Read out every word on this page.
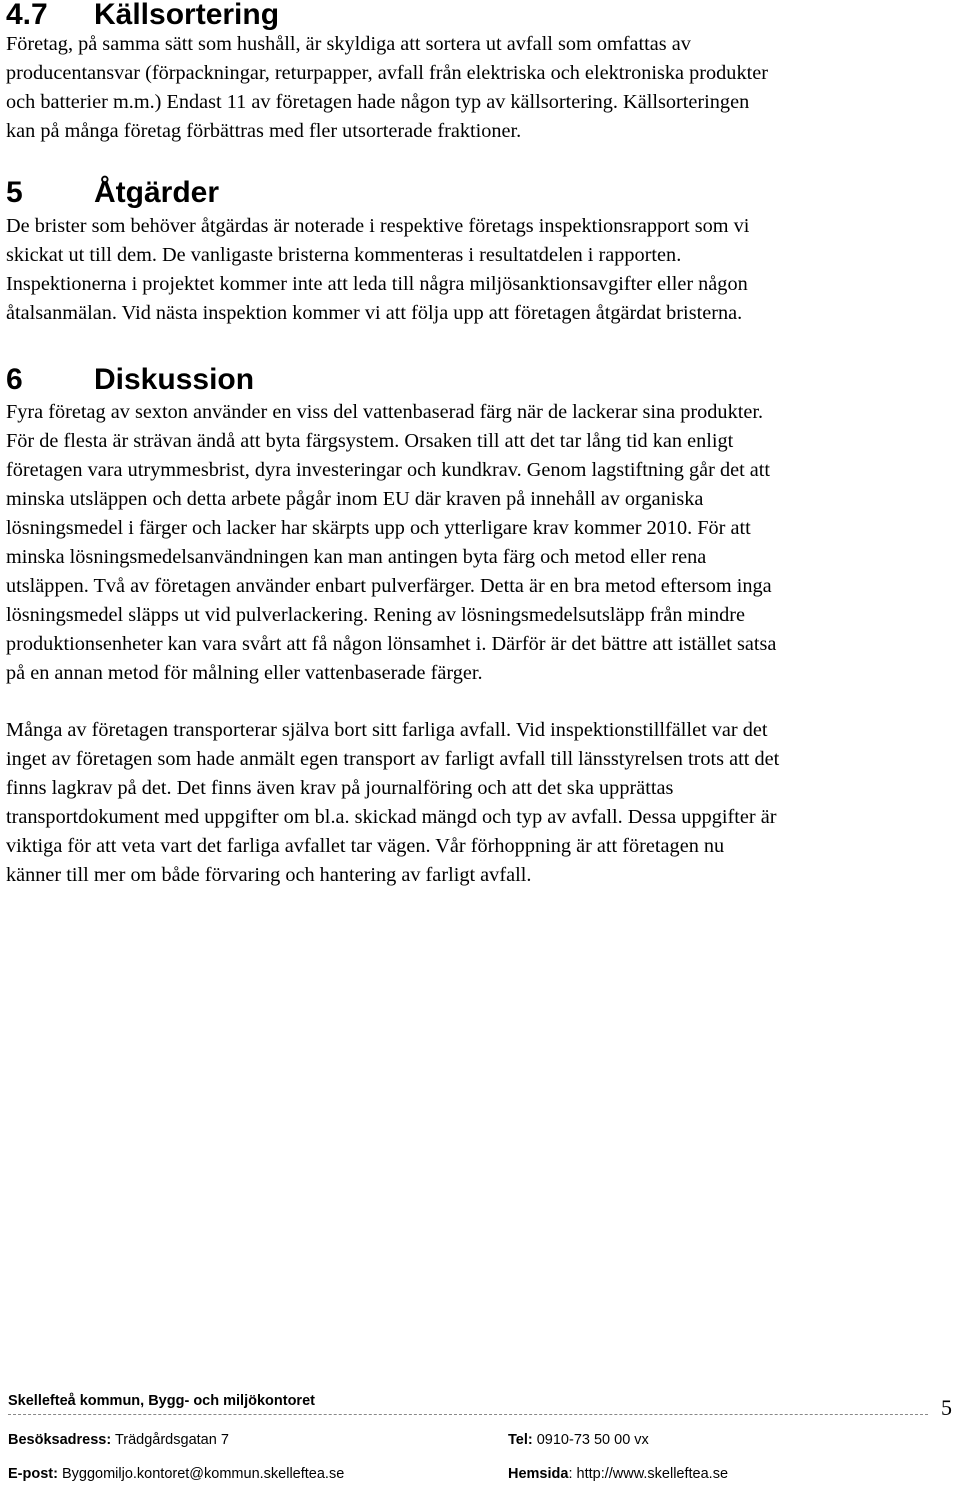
4.7 Källsortering
Företag, på samma sätt som hushåll, är skyldiga att sortera ut avfall som omfattas av
producentansvar (förpackningar, returpapper, avfall från elektriska och elektroniska produkter
och batterier m.m.) Endast 11 av företagen hade någon typ av källsortering. Källsorteringen
kan på många företag förbättras med fler utsorterade fraktioner.
5 Åtgärder
De brister som behöver åtgärdas är noterade i respektive företags inspektionsrapport som vi
skickat ut till dem. De vanligaste bristerna kommenteras i resultatdelen i rapporten.
Inspektionerna i projektet kommer inte att leda till några miljösanktionsavgifter eller någon
åtalsanmälan. Vid nästa inspektion kommer vi att följa upp att företagen åtgärdat bristerna.
6 Diskussion
Fyra företag av sexton använder en viss del vattenbaserad färg när de lackerar sina produkter.
För de flesta är strävan ändå att byta färgsystem. Orsaken till att det tar lång tid kan enligt
företagen vara utrymmesbrist, dyra investeringar och kundkrav. Genom lagstiftning går det att
minska utsläppen och detta arbete pågår inom EU där kraven på innehåll av organiska
lösningsmedel i färger och lacker har skärpts upp och ytterligare krav kommer 2010. För att
minska lösningsmedelsanvändningen kan man antingen byta färg och metod eller rena
utsläppen. Två av företagen använder enbart pulverfärger. Detta är en bra metod eftersom inga
lösningsmedel släpps ut vid pulverlackering. Rening av lösningsmedelsutsläpp från mindre
produktionsenheter kan vara svårt att få någon lönsamhet i. Därför är det bättre att istället satsa
på en annan metod för målning eller vattenbaserade färger.
Många av företagen transporterar själva bort sitt farliga avfall. Vid inspektionstillfället var det
inget av företagen som hade anmält egen transport av farligt avfall till länsstyrelsen trots att det
finns lagkrav på det. Det finns även krav på journalföring och att det ska upprättas
transportdokument med uppgifter om bl.a. skickad mängd och typ av avfall. Dessa uppgifter är
viktiga för att veta vart det farliga avfallet tar vägen. Vår förhoppning är att företagen nu
känner till mer om både förvaring och hantering av farligt avfall.
Skellefteå kommun, Bygg- och miljökontoret	5
Besöksadress: Trädgårdsgatan 7	Tel: 0910-73 50 00 vx
E-post: Byggomiljo.kontoret@kommun.skelleftea.se	Hemsida: http://www.skelleftea.se
